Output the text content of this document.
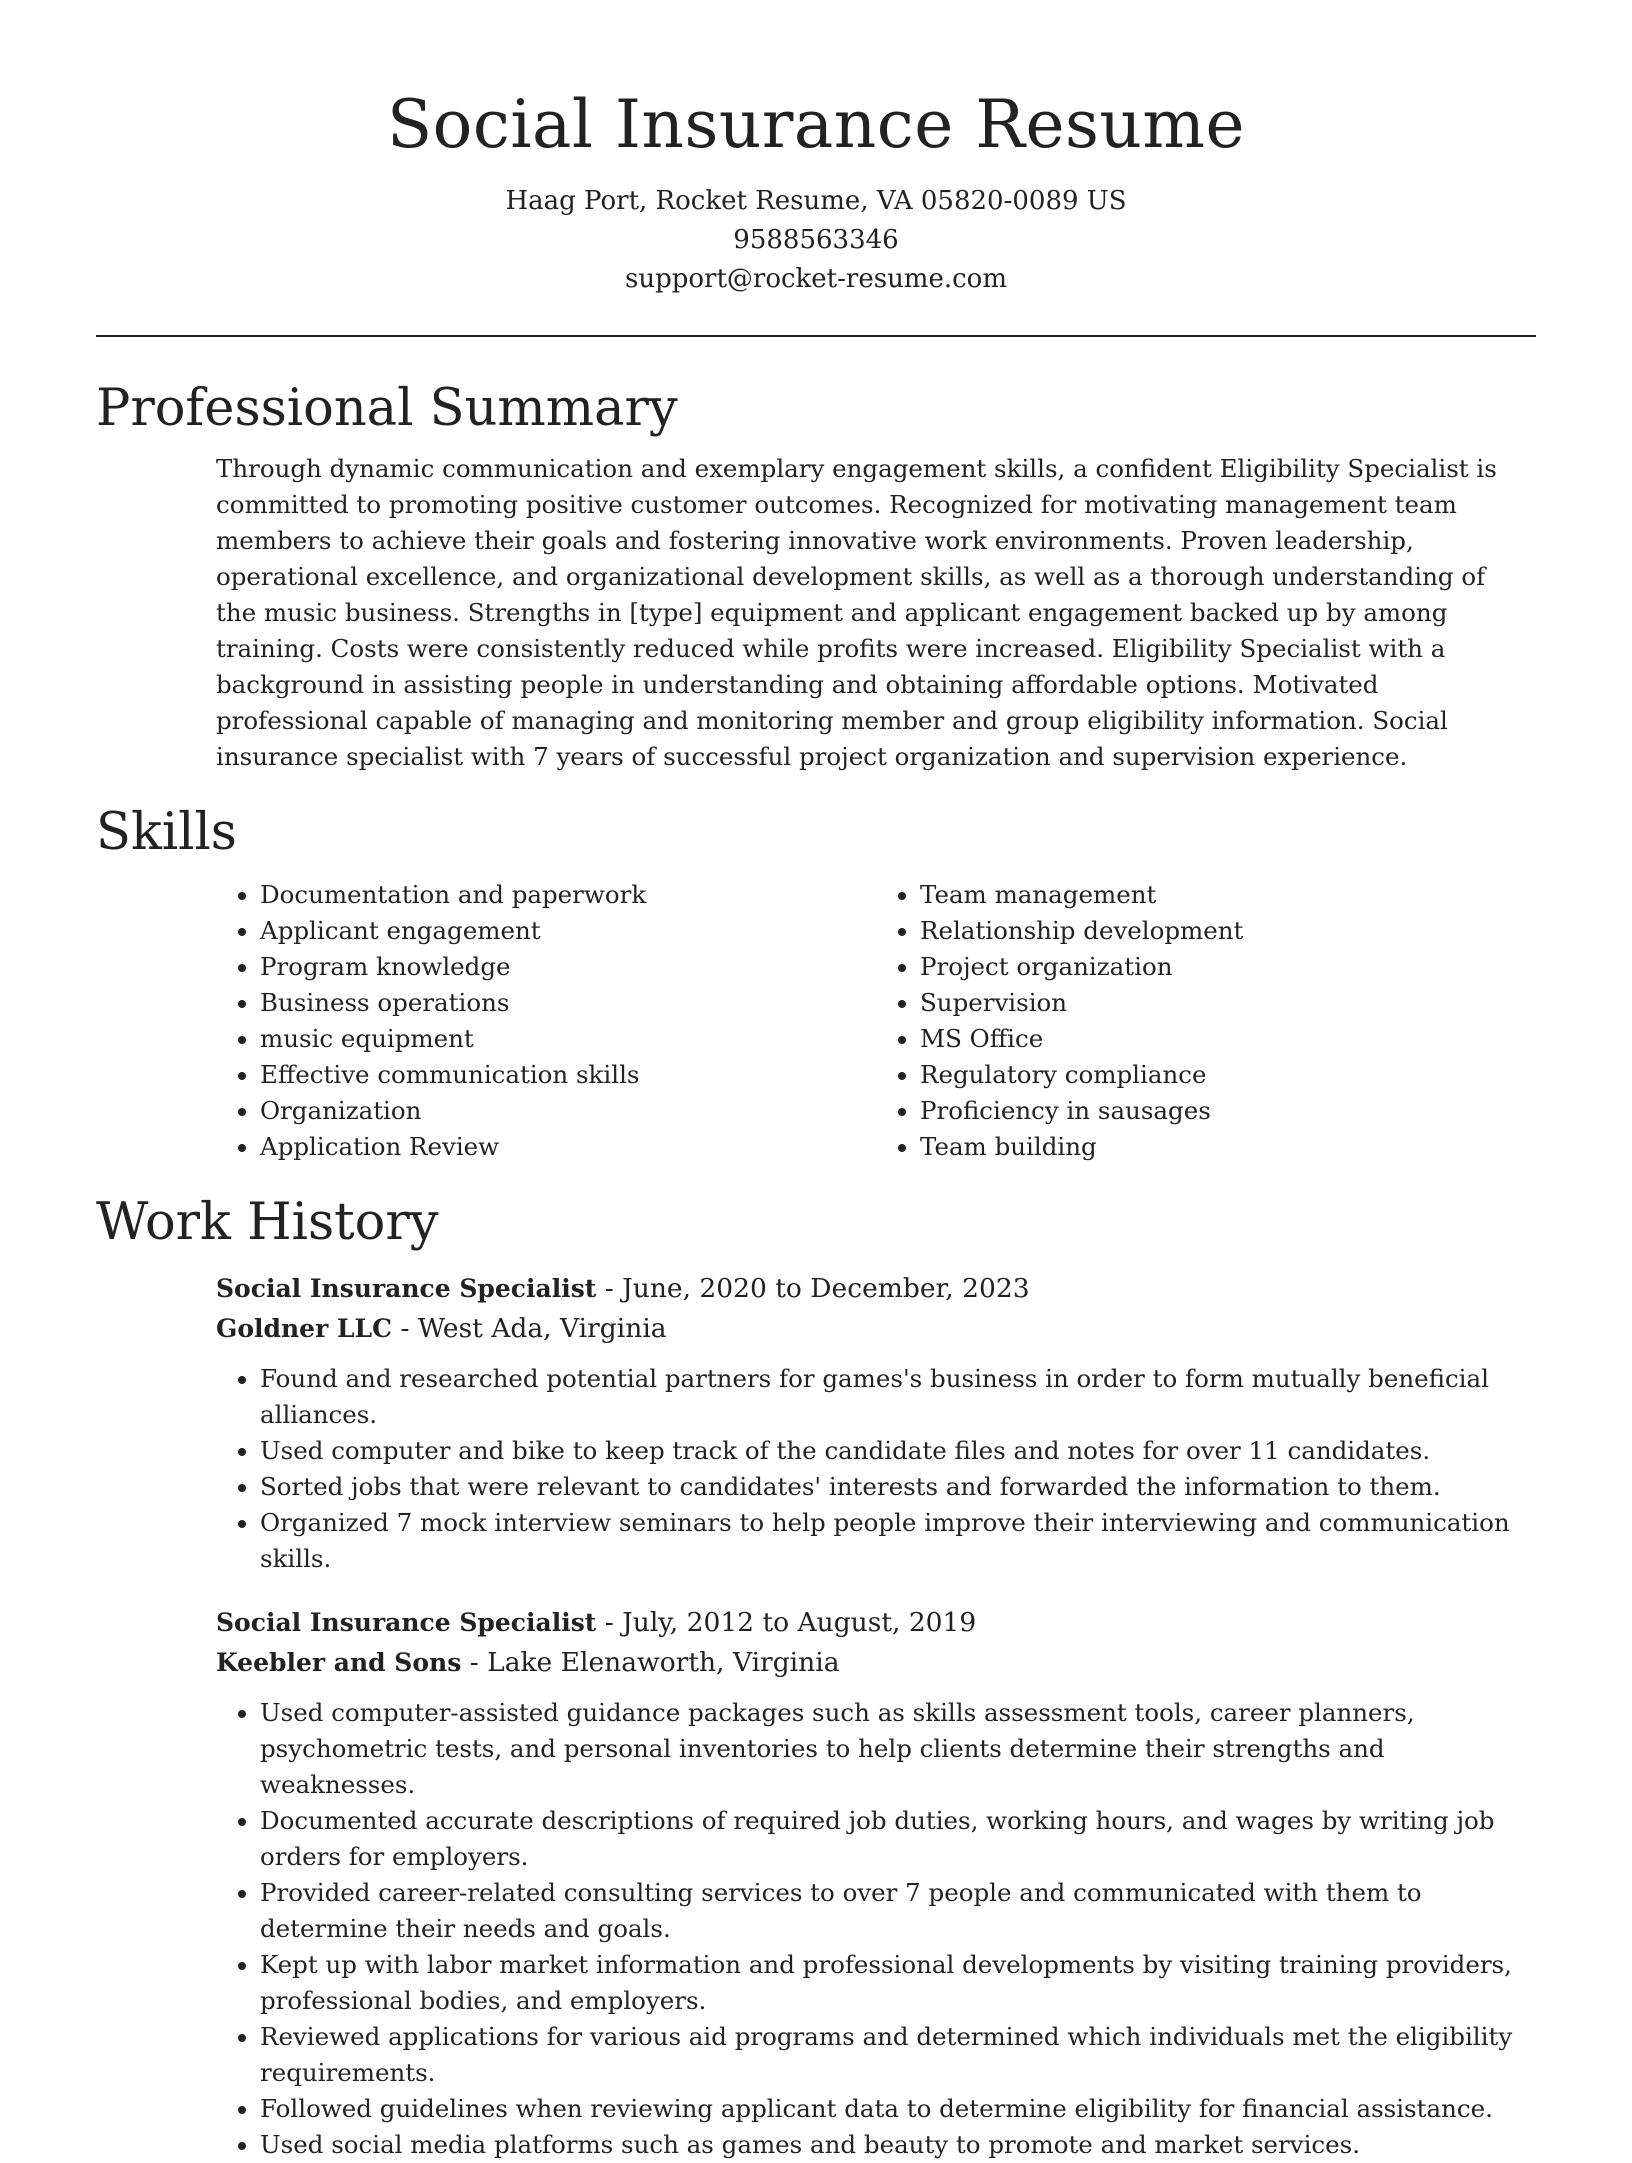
Social Insurance Resume
Haag Port, Rocket Resume, VA 05820-0089 US
9588563346
support@rocket-resume.com
Professional Summary

Through dynamic communication and exemplary engagement skills, a confident Eligibility Specialist is committed to promoting positive customer outcomes. Recognized for motivating management team members to achieve their goals and fostering innovative work environments. Proven leadership, operational excellence, and organizational development skills, as well as a thorough understanding of the music business. Strengths in [type] equipment and applicant engagement backed up by among training. Costs were consistently reduced while profits were increased. Eligibility Specialist with a background in assisting people in understanding and obtaining affordable options. Motivated professional capable of managing and monitoring member and group eligibility information. Social insurance specialist with 7 years of successful project organization and supervision experience.

Skills
• Documentation and paperwork
• Applicant engagement
• Program knowledge
• Business operations
• music equipment
• Effective communication skills
• Organization
• Application Review
• Team management
• Relationship development
• Project organization
• Supervision
• MS Office
• Regulatory compliance
• Proficiency in sausages
• Team building
Work History
Social Insurance Specialist - June, 2020 to December, 2023
Goldner LLC - West Ada, Virginia
• Found and researched potential partners for games's business in order to form mutually beneficial alliances.
• Used computer and bike to keep track of the candidate files and notes for over 11 candidates.
• Sorted jobs that were relevant to candidates' interests and forwarded the information to them.
• Organized 7 mock interview seminars to help people improve their interviewing and communication skills.
Social Insurance Specialist - July, 2012 to August, 2019
Keebler and Sons - Lake Elenaworth, Virginia
• Used computer-assisted guidance packages such as skills assessment tools, career planners, psychometric tests, and personal inventories to help clients determine their strengths and weaknesses.
• Documented accurate descriptions of required job duties, working hours, and wages by writing job orders for employers.
• Provided career-related consulting services to over 7 people and communicated with them to determine their needs and goals.
• Kept up with labor market information and professional developments by visiting training providers, professional bodies, and employers.
• Reviewed applications for various aid programs and determined which individuals met the eligibility requirements.
• Followed guidelines when reviewing applicant data to determine eligibility for financial assistance.
• Used social media platforms such as games and beauty to promote and market services.
